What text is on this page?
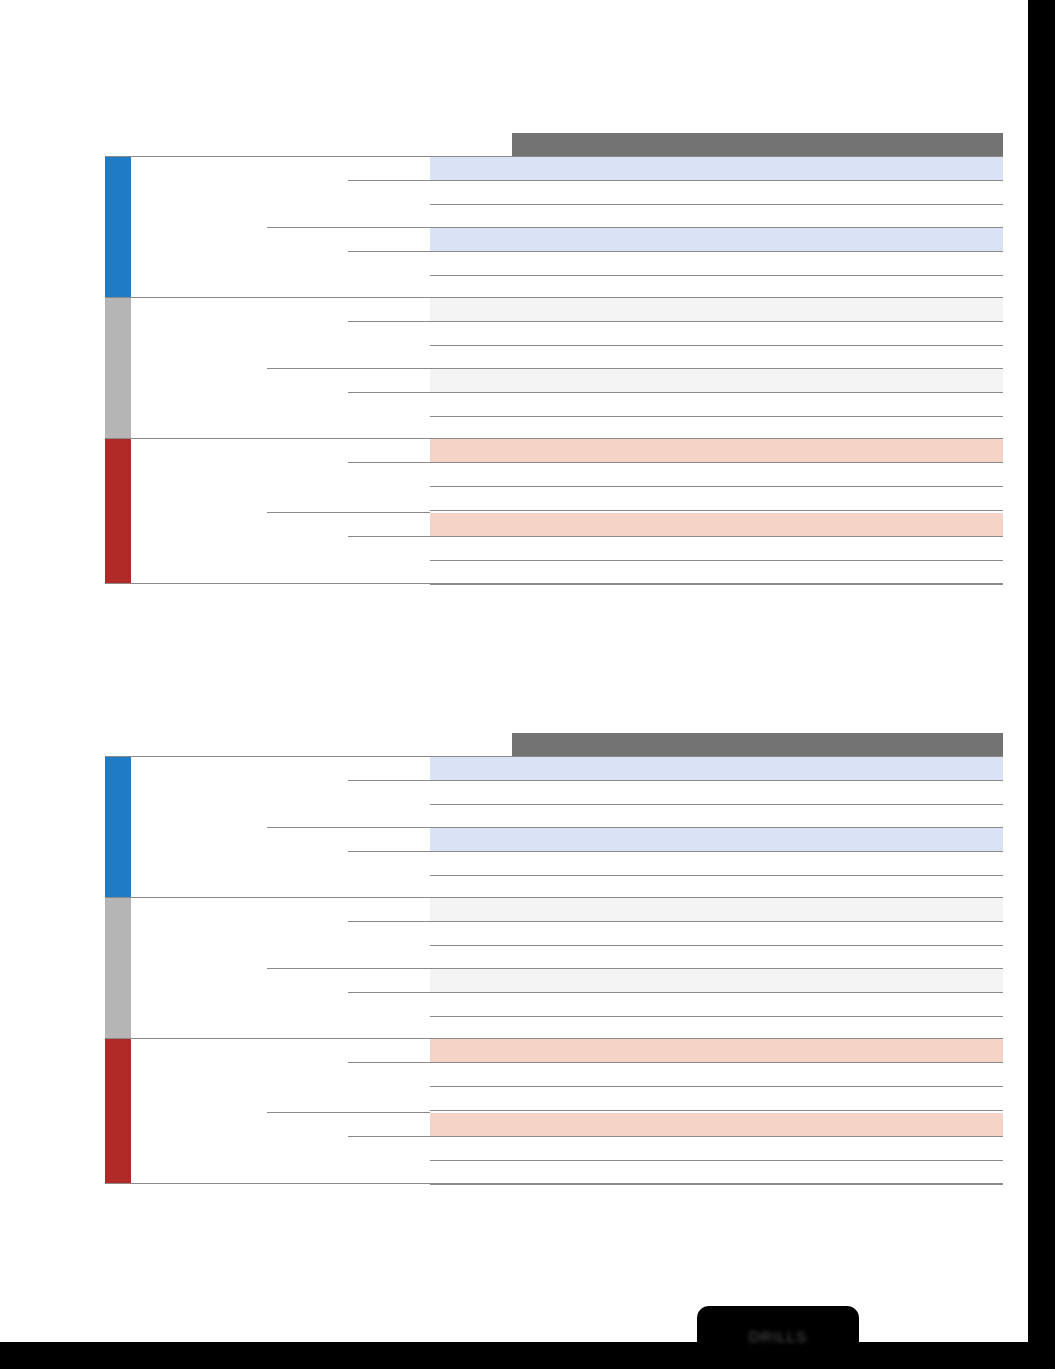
DRILLS
